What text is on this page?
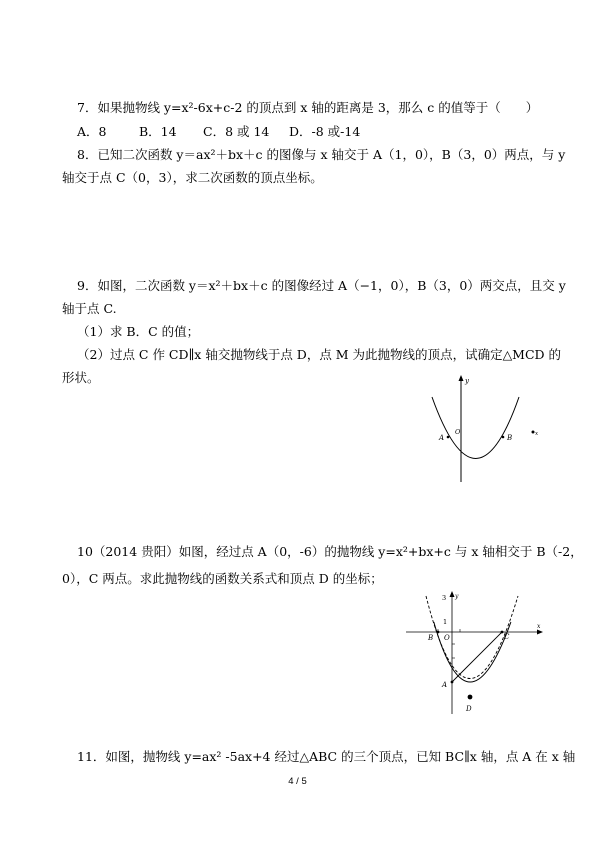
7．如果抛物线 y=x²-6x+c-2 的顶点到 x 轴的距离是 3，那么 c 的值等于（　　）
A．8	B．14 C．8 或 14 D．-8 或-14
8．已知二次函数 y＝ax²＋bx＋c 的图像与 x 轴交于 A（1，0），B（3，0）两点，与 y
轴交于点 C（0，3），求二次函数的顶点坐标。
9．如图，二次函数 y＝x²＋bx＋c 的图像经过 A（−1，0），B（3，0）两交点，且交 y
轴于点 C.
（1）求 B．C 的值；
（2）过点 C 作 CD∥x 轴交抛物线于点 D，点 M 为此抛物线的顶点，试确定△MCD 的
形状。	y
A
O
B	x
10（2014 贵阳）如图，经过点 A（0，-6）的抛物线 y=x²+bx+c 与 x 轴相交于 B（-2，
0），C 两点。求此抛物线的函数关系式和顶点 D 的坐标；
y
x
3
1
B O	C
A
D
11．如图，抛物线 y=ax² -5ax+4 经过△ABC 的三个顶点，已知 BC∥x 轴，点 A 在 x 轴
4 / 5
